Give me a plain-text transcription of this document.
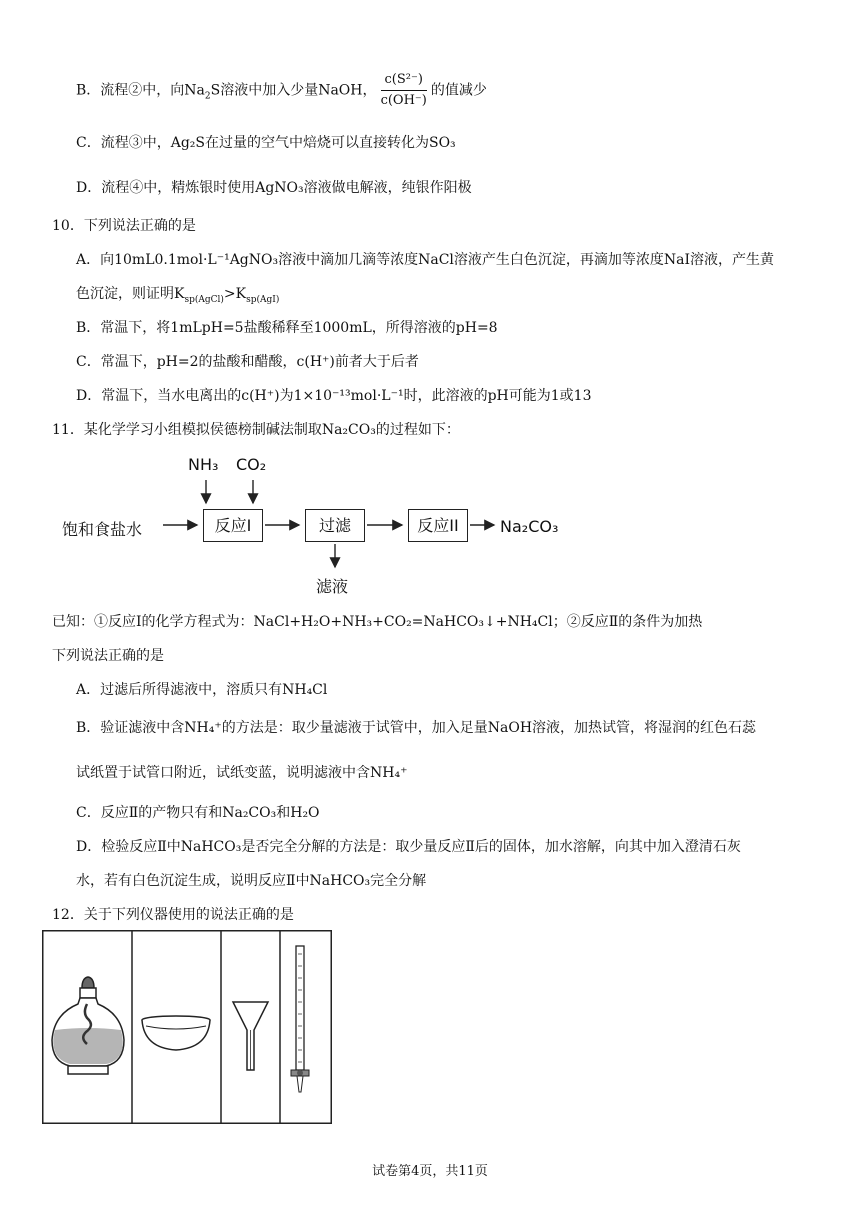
B．流程②中，向$Na_2S$溶液中加入少量NaOH， $\frac{\text{c(S²⁻)}}{c(OH^-)}$ 的值减少
C．流程③中，Ag₂S在过量的空气中焙烧可以直接转化为SO₃
D．流程④中，精炼银时使用AgNO₃溶液做电解液，纯银作阳极
10．下列说法正确的是
A．向10mL0.1mol·L⁻¹AgNO₃溶液中滴加几滴等浓度NaCl溶液产生白色沉淀，再滴加等浓度NaI溶液，产生黄
色沉淀，则证明$K_{sp(AgCl)}>K_{sp(AgI)}$
B．常温下，将1mLpH=5盐酸稀释至1000mL，所得溶液的pH=8
C．常温下，pH=2的盐酸和醋酸，c(H⁺)前者大于后者
D．常温下，当水电离出的c(H⁺)为1×10⁻¹³mol·L⁻¹时，此溶液的pH可能为1或13
11．某化学学习小组模拟侯德榜制碱法制取Na₂CO₃的过程如下：
NH₃ CO₂
饱和食盐水	反应I	过滤	反应II	Na₂CO₃
滤液
已知：①反应Ⅰ的化学方程式为：NaCl+H₂O+NH₃+CO₂=NaHCO₃↓+NH₄Cl；②反应Ⅱ的条件为加热
下列说法正确的是
A．过滤后所得滤液中，溶质只有NH₄Cl
B．验证滤液中含NH₄⁺的方法是：取少量滤液于试管中，加入足量NaOH溶液，加热试管，将湿润的红色石蕊
试纸置于试管口附近，试纸变蓝，说明滤液中含NH₄⁺
C．反应Ⅱ的产物只有和Na₂CO₃和H₂O
D．检验反应Ⅱ中NaHCO₃是否完全分解的方法是：取少量反应Ⅱ后的固体，加水溶解，向其中加入澄清石灰
水，若有白色沉淀生成，说明反应Ⅱ中NaHCO₃完全分解
12．关于下列仪器使用的说法正确的是
试卷第4页，共11页
